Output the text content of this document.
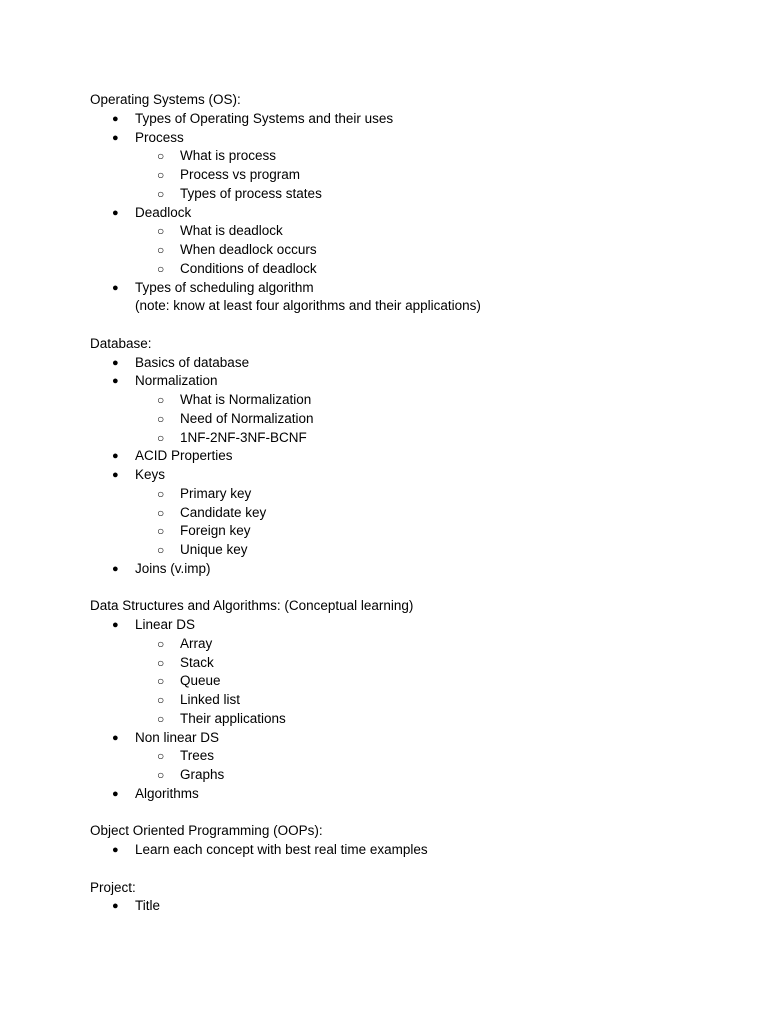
Operating Systems (OS):
● Types of Operating Systems and their uses
● Process
○ What is process
○ Process vs program
○ Types of process states
● Deadlock
○ What is deadlock
○ When deadlock occurs
○ Conditions of deadlock
● Types of scheduling algorithm
(note: know at least four algorithms and their applications)
Database:
● Basics of database
● Normalization
○ What is Normalization
○ Need of Normalization
○ 1NF-2NF-3NF-BCNF
● ACID Properties
● Keys
○ Primary key
○ Candidate key
○ Foreign key
○ Unique key
● Joins (v.imp)
Data Structures and Algorithms: (Conceptual learning)
● Linear DS
○ Array
○ Stack
○ Queue
○ Linked list
○ Their applications
● Non linear DS
○ Trees
○ Graphs
● Algorithms
Object Oriented Programming (OOPs):
● Learn each concept with best real time examples
Project:
● Title
